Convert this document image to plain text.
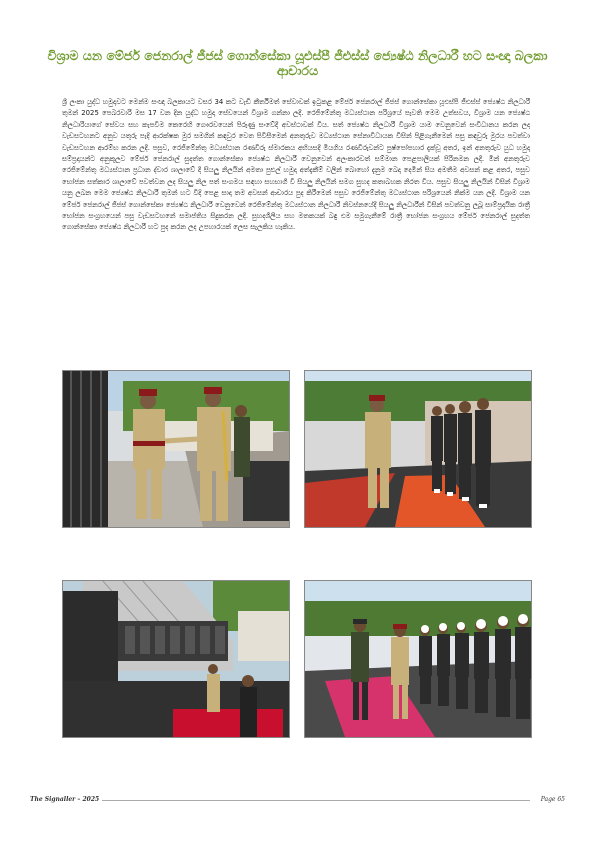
විශ්‍රාම යන මේජර් ජෙනරාල් ජීජස් ගොන්සේකා යූඑස්පී ජීඑස්ස් ජ්‍යෙෂ්ඨ නිලධාරී හට සංඥා බලකා ආචාරය
ශ්‍රී ලංකා යුද්ධ හමුදාවට මෙන්ම සංඥා බලකායට වසර 34 කට වැඩි කීර්තිමත් සේවාවක් ඉටුකළ මේජර් ජෙනරාල් ජීජස් ගොන්සේකා යූඑස්පී ජීඑස්ස් ජ්‍යෙෂ්ඨ නිලධාරී තුමන් 2025 පෙබරවාරි මස 17 වන දින යුද්ධ හමුදා සේවයෙන් විශ්‍රාම ගන්නා ලදී. රෙජිමේන්තු මධ්‍යස්ථාන පරිශ්‍රයේ පැවති මෙම උත්සවය, විශ්‍රාම යන ජ්‍යෙෂ්ඨ නිලධාරියාගේ සේවය සහ කැපවීම කෙරෙහි ගෞරවයෙන් පිරුණු සංවේදී අවස්ථාවක් විය. සත් ජ්‍යෙෂ්ඨ නිලධාරී විශ්‍රාම යාම වෙනුවෙන් සංවිධානය කරන ලද වැඩසටහනට අනුව යතුරු පැදි ආරක්ෂක මුර සමගින් කඳවුර වෙත පිවිසීමෙන් අනතුරුව මධ්‍යස්ථාන සේනාවිධායක විසින් පිළිගැනීමෙන් පසු කඳවුරු මුරය පවත්වා වැඩසටහන ආරම්භ කරන ලදී. පසුව, රෙජිමේන්තු මධ්‍යස්ථාන රණවිරු ස්මාරකය අභියසදී මියගිය රණවිරුවන්ට පුෂ්පෝපහාර දැක්වූ අතර, ඉන් අනතුරුව යුධ හමුදා සම්ප්‍රදායන්ට අනුකූලව මේජර් ජෙනරාල් සුදත්ත ගොන්සේකා ජ්‍යෙෂ්ඨ නිලධාරී වෙනුවෙන් අලංකාරවත් සම්මාන පෙළපාලියක් පිරිනමන ලදී. මින් අනතුරුව රෙජිමේන්තු මධ්‍යස්ථාන ප්‍රධාන ද්වාර ශාලාවේ දී සියලු නිලයින් අමතා පුළුල් හමුදා අත්දැකීම් වලින් බොහෝ දැනුම බෙදා දෙමින් සිය අමතීම අවසන් කළ අතර, පසුව භෝජන සත්කාර ශාලාවේ පවත්වන ලද සියලු නිල පත් සංගමය සඳහා සහභාගී වී සියලු නිලයින් සමග සුහද කතාබහක නිරත විය. පසුව සියලු නිලයින් විසින් විශ්‍රාම යනු ලබන මෙම ජ්‍යෙෂ්ඨ නිලධාරී තුමන් හට විදි පෙළ සාදා තම අවසන් ආචාරය පුද කිරීමෙන් පසුව රෙජිමේන්තු මධ්‍යස්ථාන පරිශ්‍රයෙන් නික්ම යන ලදී. විශ්‍රාම යන මේජර් ජෙනරාල් ජීජස් ගොන්සේකා ජ්‍යෙෂ්ඨ නිලධාරී වෙනුවෙන් රෙජිමේන්තු මධ්‍යස්ථාන නිලධාරී නිවස්නයේදී සියලු නිලධාරීන් විසින් පවත්වනු ලබූ සාම්ප්‍රදායික රාත්‍රී භෝජන සංග්‍රහයෙන් පසු වැඩසටහනේ සමාප්තිය සිදුකරන ලදී. සුහදශීලිය සහ මතකයක් බඳු එම සමුගැනීමේ රාත්‍රී භෝජන සංග්‍රහය මේජර් ජෙනරාල් සුදත්ත ගොන්සේකා ජ්‍යෙෂ්ඨ නිලධාරී හට පුද කරන ලද උපහාරයක් ලෙස සැලකිය හැකිය.
The Signaller – 2025	Page 65
